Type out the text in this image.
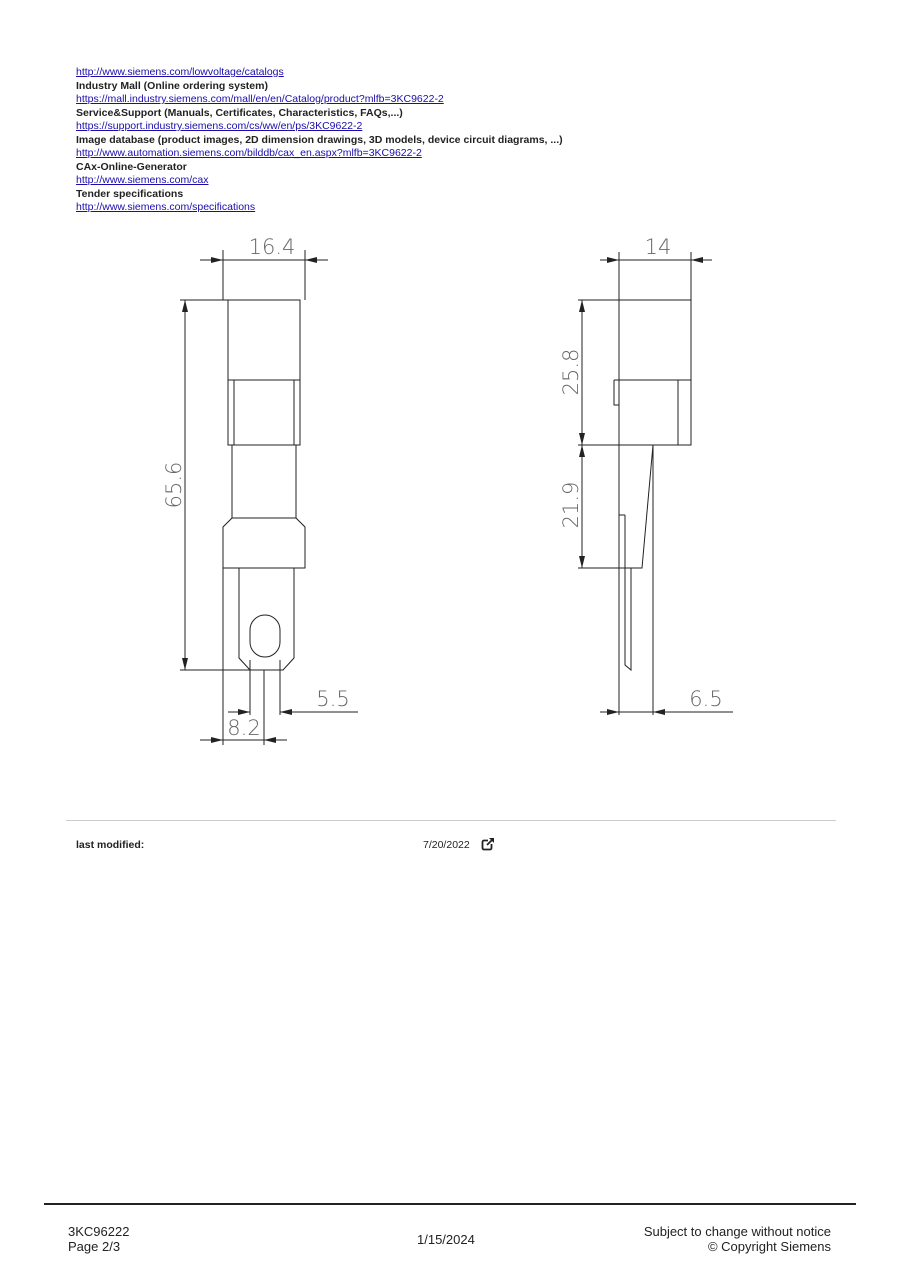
http://www.siemens.com/lowvoltage/catalogs
Industry Mall (Online ordering system)
https://mall.industry.siemens.com/mall/en/en/Catalog/product?mlfb=3KC9622-2
Service&Support (Manuals, Certificates, Characteristics, FAQs,...)
https://support.industry.siemens.com/cs/ww/en/ps/3KC9622-2
Image database (product images, 2D dimension drawings, 3D models, device circuit diagrams, ...)
http://www.automation.siemens.com/bilddb/cax_en.aspx?mlfb=3KC9622-2
CAx-Online-Generator
http://www.siemens.com/cax
Tender specifications
http://www.siemens.com/specifications
16.4
65.6
8.2
5.5
14
25.8
21.9
6.5
last modified:	7/20/2022
3KC96222
Page 2/3	1/15/2024
Subject to change without notice
© Copyright Siemens
